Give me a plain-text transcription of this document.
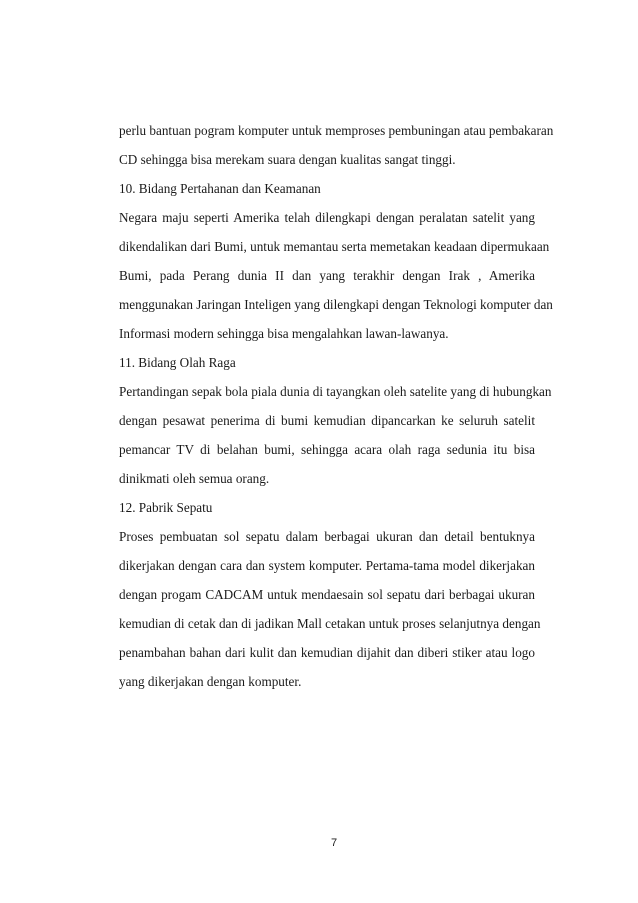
perlu bantuan pogram komputer untuk memproses pembuningan atau pembakaran
CD sehingga bisa merekam suara dengan kualitas sangat tinggi.
10. Bidang Pertahanan dan Keamanan
Negara maju seperti Amerika telah dilengkapi dengan peralatan satelit yang
dikendalikan dari Bumi, untuk memantau serta memetakan keadaan dipermukaan
Bumi, pada Perang dunia II dan yang terakhir dengan Irak , Amerika
menggunakan Jaringan Inteligen yang dilengkapi dengan Teknologi komputer dan
Informasi modern sehingga bisa mengalahkan lawan-lawanya.
11. Bidang Olah Raga
Pertandingan sepak bola piala dunia di tayangkan oleh satelite yang di hubungkan
dengan pesawat penerima di bumi kemudian dipancarkan ke seluruh satelit
pemancar TV di belahan bumi, sehingga acara olah raga sedunia itu bisa
dinikmati oleh semua orang.
12. Pabrik Sepatu
Proses pembuatan sol sepatu dalam berbagai ukuran dan detail bentuknya
dikerjakan dengan cara dan system komputer. Pertama-tama model dikerjakan
dengan progam CADCAM untuk mendaesain sol sepatu dari berbagai ukuran
kemudian di cetak dan di jadikan Mall cetakan untuk proses selanjutnya dengan
penambahan bahan dari kulit dan kemudian dijahit dan diberi stiker atau logo
yang dikerjakan dengan komputer.
7
